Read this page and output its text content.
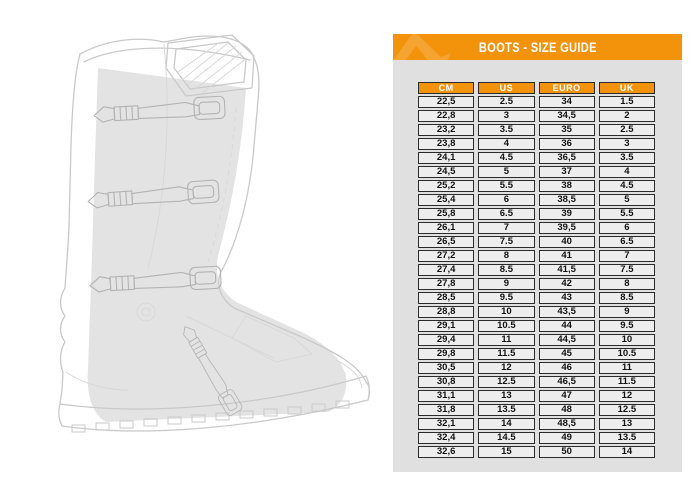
BOOTS - SIZE GUIDE
CM	US	EURO	UK
22,5	2.5	34	1.5
22,8	3	34,5	2
23,2	3.5	35	2.5
23,8	4	36	3
24,1	4.5	36,5	3.5
24,5	5	37	4
25,2	5.5	38	4.5
25,4	6	38,5	5
25,8	6.5	39	5.5
26,1	7	39,5	6
26,5	7.5	40	6.5
27,2	8	41	7
27,4	8.5	41,5	7.5
27,8	9	42	8
28,5	9.5	43	8.5
28,8	10	43,5	9
29,1	10.5	44	9.5
29,4	11	44,5	10
29,8	11.5	45	10.5
30,5	12	46	11
30,8	12.5	46,5	11.5
31,1	13	47	12
31,8	13.5	48	12.5
32,1	14	48,5	13
32,4	14.5	49	13.5
32,6	15	50	14
